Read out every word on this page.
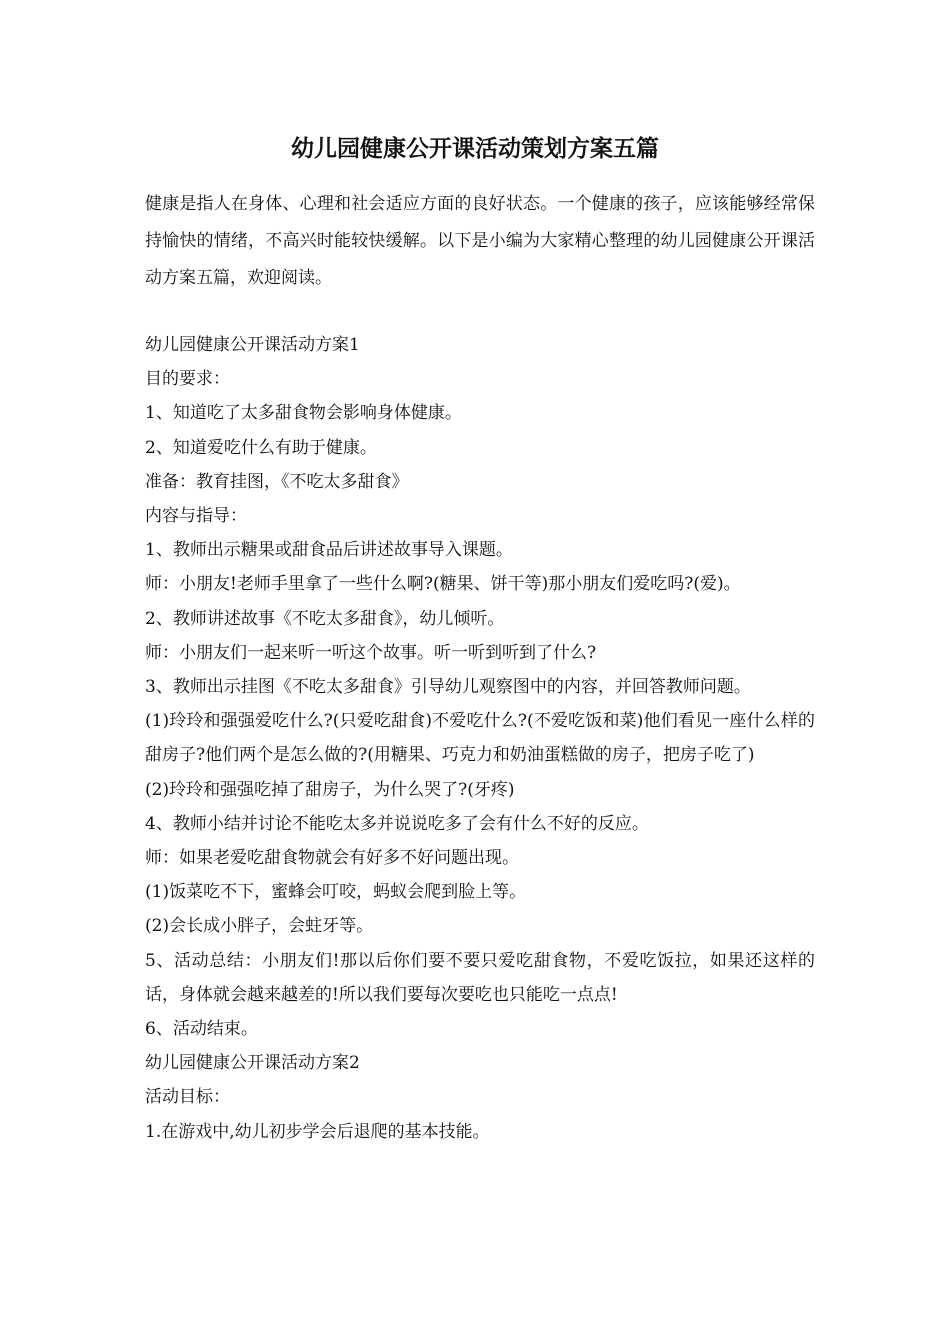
幼儿园健康公开课活动策划方案五篇
健康是指人在身体、心理和社会适应方面的良好状态。一个健康的孩子，应该能够经常保持愉快的情绪，不高兴时能较快缓解。以下是小编为大家精心整理的幼儿园健康公开课活动方案五篇，欢迎阅读。
幼儿园健康公开课活动方案1
目的要求：
1、知道吃了太多甜食物会影响身体健康。
2、知道爱吃什么有助于健康。
准备：教育挂图，《不吃太多甜食》
内容与指导：
1、教师出示糖果或甜食品后讲述故事导入课题。
师：小朋友!老师手里拿了一些什么啊?(糖果、饼干等)那小朋友们爱吃吗?(爱)。
2、教师讲述故事《不吃太多甜食》，幼儿倾听。
师：小朋友们一起来听一听这个故事。听一听到听到了什么?
3、教师出示挂图《不吃太多甜食》引导幼儿观察图中的内容，并回答教师问题。
(1)玲玲和强强爱吃什么?(只爱吃甜食)不爱吃什么?(不爱吃饭和菜)他们看见一座什么样的甜房子?他们两个是怎么做的?(用糖果、巧克力和奶油蛋糕做的房子，把房子吃了)
(2)玲玲和强强吃掉了甜房子，为什么哭了?(牙疼)
4、教师小结并讨论不能吃太多并说说吃多了会有什么不好的反应。
师：如果老爱吃甜食物就会有好多不好问题出现。
(1)饭菜吃不下，蜜蜂会叮咬，蚂蚁会爬到脸上等。
(2)会长成小胖子，会蛀牙等。
5、活动总结：小朋友们!那以后你们要不要只爱吃甜食物，不爱吃饭拉，如果还这样的话，身体就会越来越差的!所以我们要每次要吃也只能吃一点点!
6、活动结束。
幼儿园健康公开课活动方案2
活动目标：
1.在游戏中,幼儿初步学会后退爬的基本技能。
